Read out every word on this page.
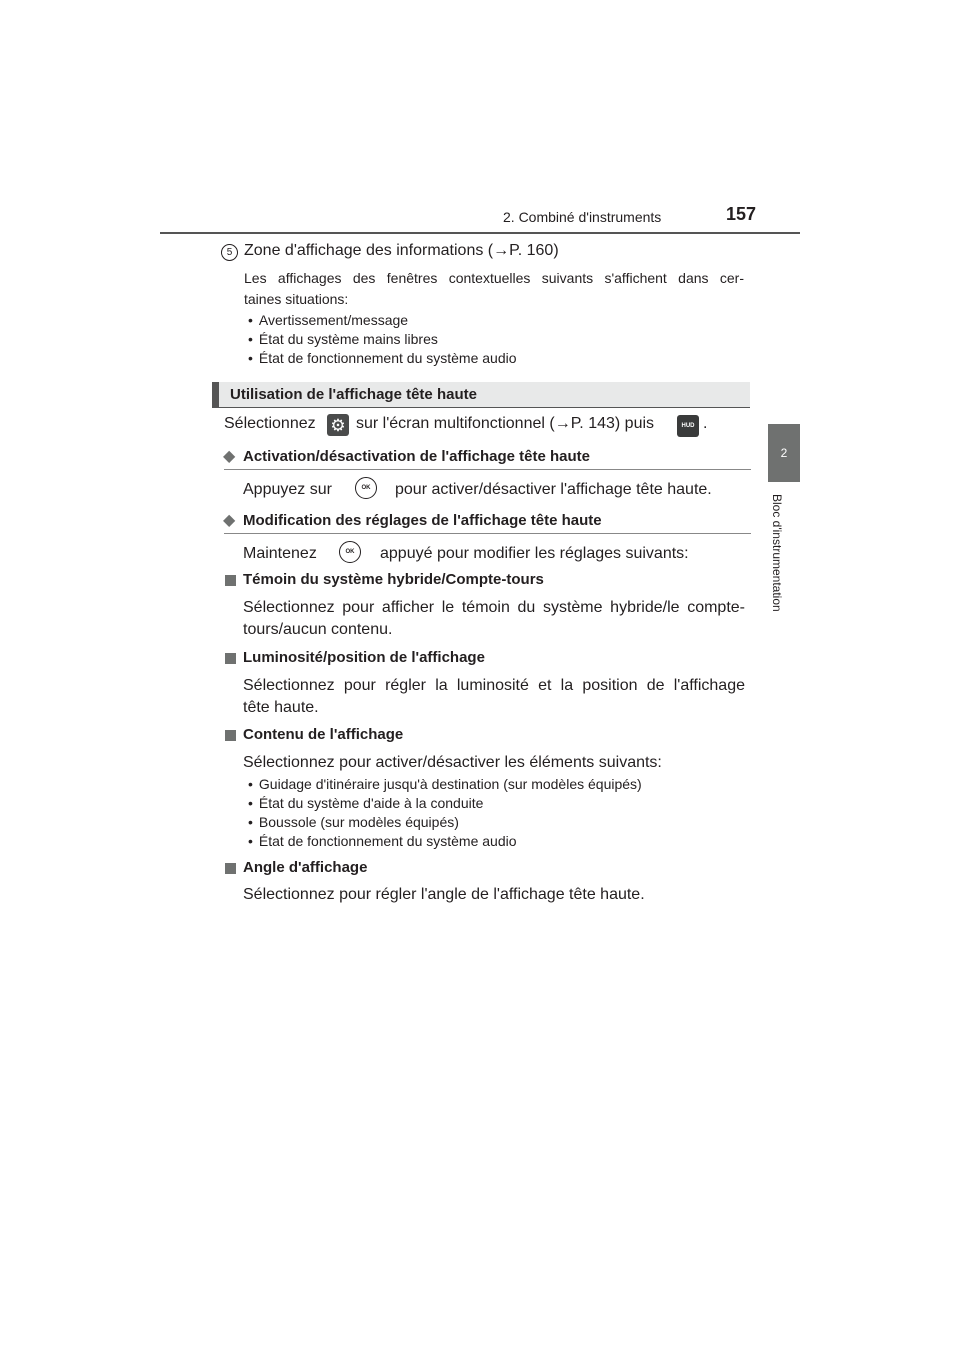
2. Combiné d'instruments	157
2
Bloc d'instrumentation
5 Zone d'affichage des informations (→P. 160)
Les affichages des fenêtres contextuelles suivants s'affichent dans cer-
taines situations:
• Avertissement/message
• État du système mains libres
• État de fonctionnement du système audio
Utilisation de l'affichage tête haute
Sélectionnez ⚙ sur l'écran multifonctionnel (→P. 143) puis	HUD .
◆ Activation/désactivation de l'affichage tête haute
Appuyez sur	OK	pour activer/désactiver l'affichage tête haute.
◆ Modification des réglages de l'affichage tête haute
Maintenez	OK	appuyé pour modifier les réglages suivants:
Témoin du système hybride/Compte-tours
Sélectionnez pour afficher le témoin du système hybride/le compte-
tours/aucun contenu.
Luminosité/position de l'affichage
Sélectionnez pour régler la luminosité et la position de l'affichage
tête haute.
Contenu de l'affichage
Sélectionnez pour activer/désactiver les éléments suivants:
• Guidage d'itinéraire jusqu'à destination (sur modèles équipés)
• État du système d'aide à la conduite
• Boussole (sur modèles équipés)
• État de fonctionnement du système audio
Angle d'affichage
Sélectionnez pour régler l'angle de l'affichage tête haute.
